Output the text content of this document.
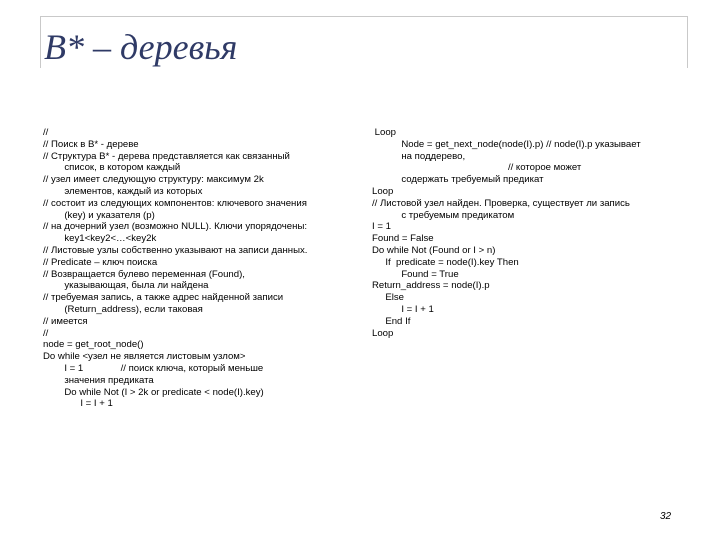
B* – деревья
//
// Поиск в B* - дереве
// Структура B* - дерева представляется как связанный
список, в котором каждый
// узел имеет следующую структуру: максимум 2k
элементов, каждый из которых
// состоит из следующих компонентов: ключевого значения
(key) и указателя (p)
// на дочерний узел (возможно NULL). Ключи упорядочены:
key1<key2<…<key2k
// Листовые узлы собственно указывают на записи данных.
// Predicate – ключ поиска
// Возвращается булево переменная (Found),
указывающая, была ли найдена
// требуемая запись, а также адрес найденной записи
(Return_address), если таковая
// имеется
//
node = get_root_node()
Do while <узел не является листовым узлом>
I = 1              // поиск ключа, который меньше
значения предиката
Do while Not (I > 2k or predicate < node(I).key)
I = I + 1
Loop
Node = get_next_node(node(I).p) // node(I).p указывает
на поддерево,
// которое может
содержать требуемый предикат
Loop
// Листовой узел найден. Проверка, существует ли запись
с требуемым предикатом
I = 1
Found = False
Do while Not (Found or I > n)
If  predicate = node(I).key Then
Found = True
Return_address = node(I).p
Else
I = I + 1
End If
Loop
32
